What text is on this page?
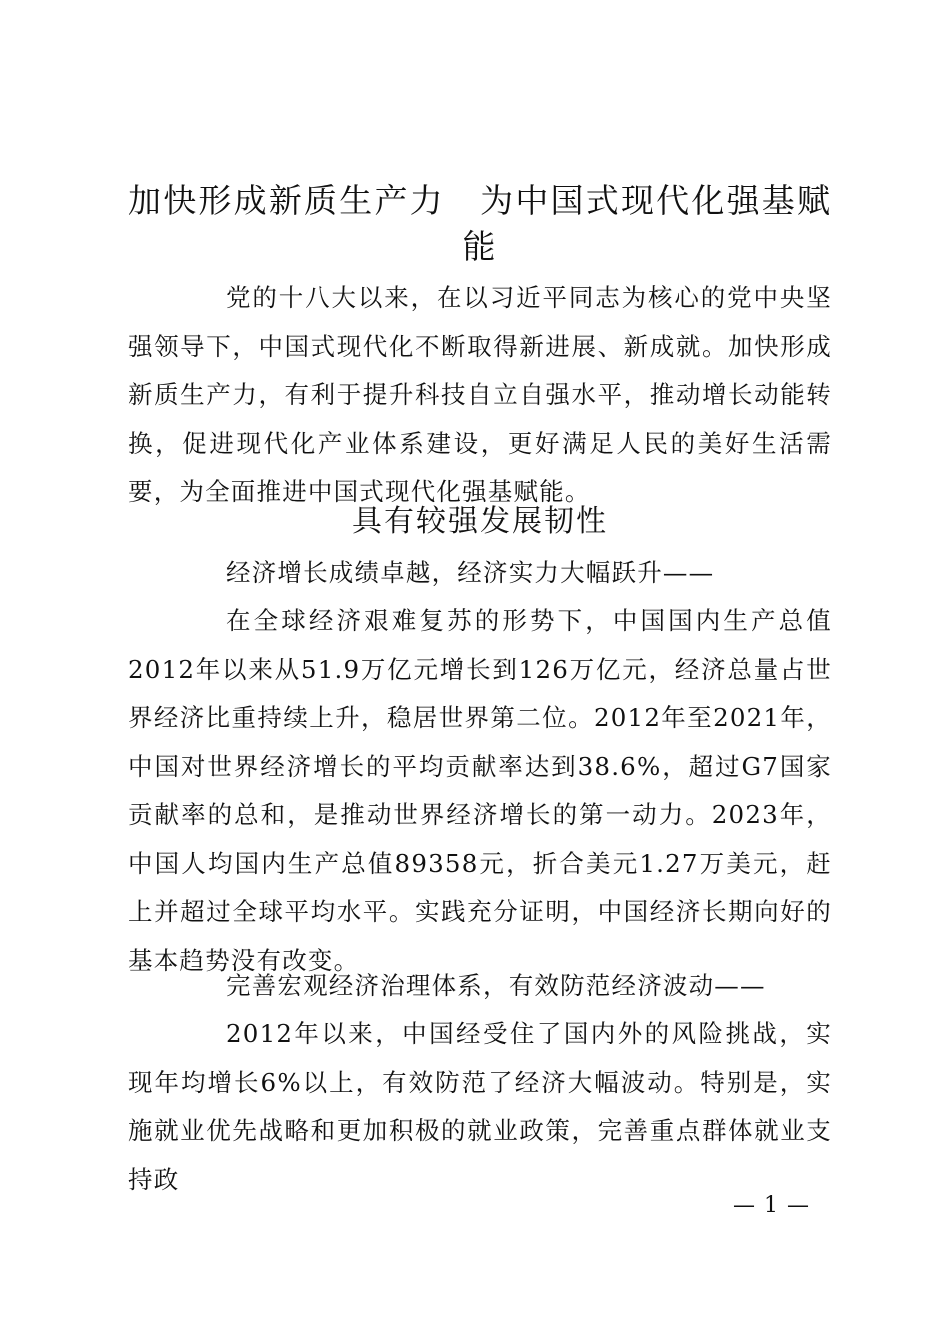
加快形成新质生产力　为中国式现代化强基赋能

党的十八大以来，在以习近平同志为核心的党中央坚强领导下，中国式现代化不断取得新进展、新成就。加快形成新质生产力，有利于提升科技自立自强水平，推动增长动能转换，促进现代化产业体系建设，更好满足人民的美好生活需要，为全面推进中国式现代化强基赋能。

具有较强发展韧性

经济增长成绩卓越，经济实力大幅跃升——

在全球经济艰难复苏的形势下，中国国内生产总值2012年以来从51.9万亿元增长到126万亿元，经济总量占世界经济比重持续上升，稳居世界第二位。2012年至2021年，中国对世界经济增长的平均贡献率达到38.6%，超过G7国家贡献率的总和，是推动世界经济增长的第一动力。2023年，中国人均国内生产总值89358元，折合美元1.27万美元，赶上并超过全球平均水平。实践充分证明，中国经济长期向好的基本趋势没有改变。

完善宏观经济治理体系，有效防范经济波动——

2012年以来，中国经受住了国内外的风险挑战，实现年均增长6%以上，有效防范了经济大幅波动。特别是，实施就业优先战略和更加积极的就业政策，完善重点群体就业支持政

— 1 —
